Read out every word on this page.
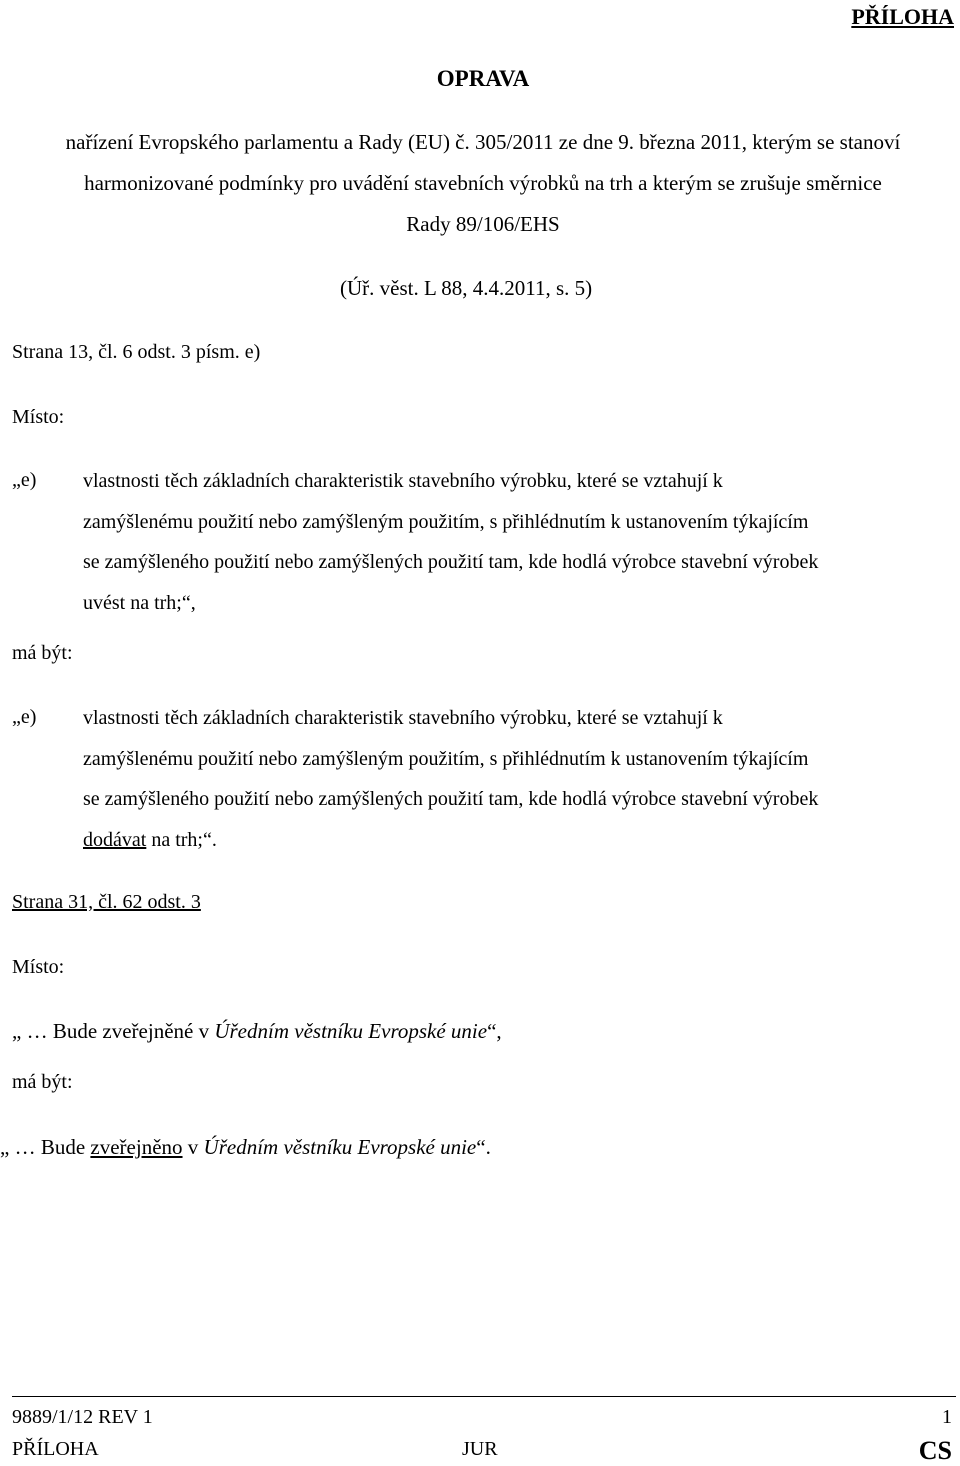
PŘÍLOHA
OPRAVA
nařízení Evropského parlamentu a Rady (EU) č. 305/2011 ze dne 9. března 2011, kterým se stanoví
harmonizované podmínky pro uvádění stavebních výrobků na trh a kterým se zrušuje směrnice
Rady 89/106/EHS
(Úř. věst. L 88, 4.4.2011, s. 5)
Strana 13, čl. 6 odst. 3 písm. e)
Místo:
„e) vlastnosti těch základních charakteristik stavebního výrobku, které se vztahují k
zamýšlenému použití nebo zamýšleným použitím, s přihlédnutím k ustanovením týkajícím
se zamýšleného použití nebo zamýšlených použití tam, kde hodlá výrobce stavební výrobek
uvést na trh;“,
má být:
„e) vlastnosti těch základních charakteristik stavebního výrobku, které se vztahují k
zamýšlenému použití nebo zamýšleným použitím, s přihlédnutím k ustanovením týkajícím
se zamýšleného použití nebo zamýšlených použití tam, kde hodlá výrobce stavební výrobek
dodávat na trh;“.
Strana 31, čl. 62 odst. 3
Místo:
„ … Bude zveřejněné v Úředním věstníku Evropské unie“,
má být:
„ … Bude zveřejněno v Úředním věstníku Evropské unie“.
9889/1/12 REV 1	1
PŘÍLOHA	JUR	CS
